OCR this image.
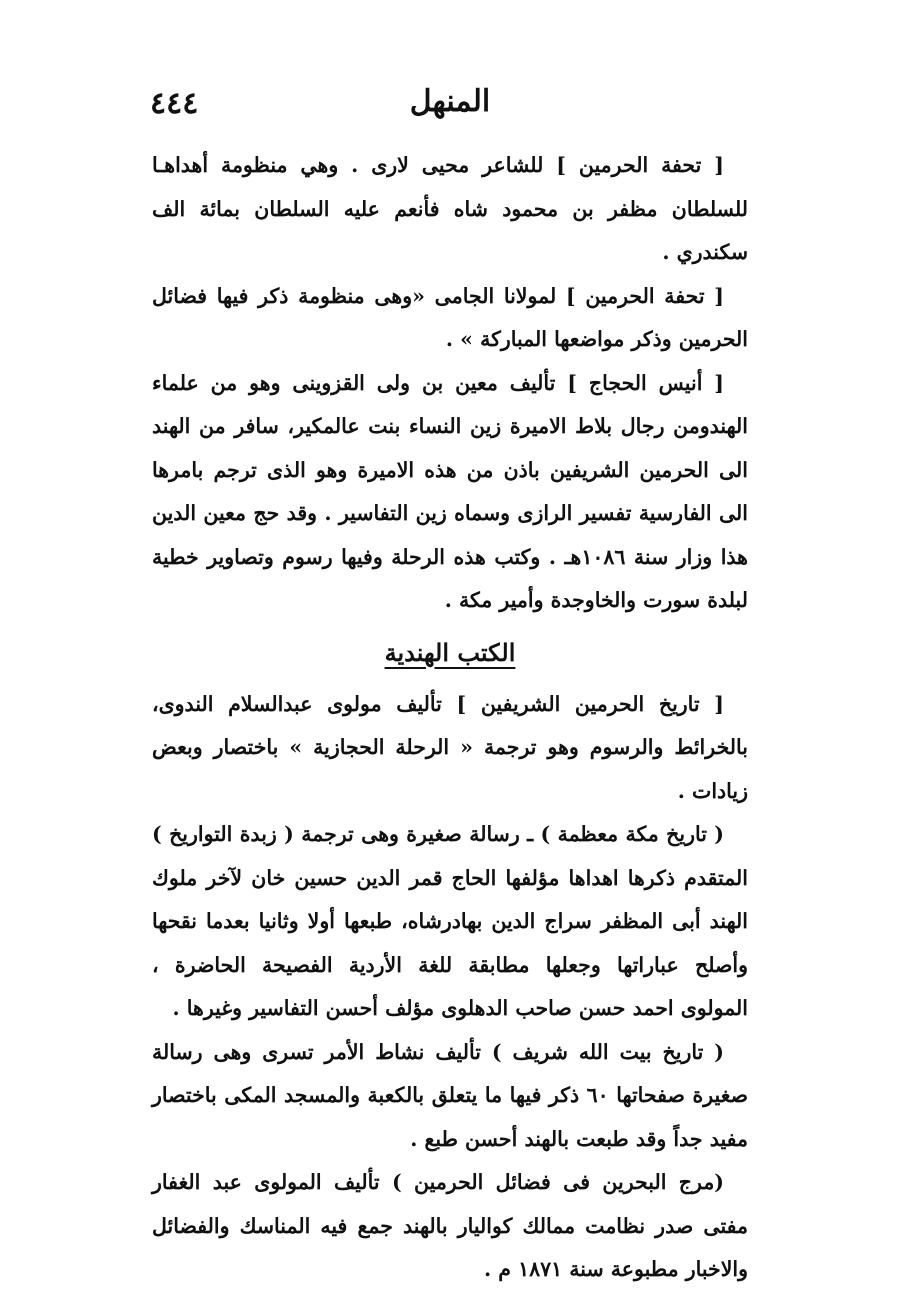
٤٤٤	المنهل

[ تحفة الحرمين ] للشاعر محيى لارى . وهي منظومة أهداهـا للسلطان مظفر بن محمود شاه فأنعم عليه السلطان بمائة الف سكندري .

[ تحفة الحرمين ] لمولانا الجامى «وهى منظومة ذكر فيها فضائل الحرمين وذكر مواضعها المباركة » .

[ أنيس الحجاج ] تأليف معين بن ولى القزوينى وهو من علماء الهندومن رجال بلاط الاميرة زين النساء بنت عالمكير، سافر من الهند الى الحرمين الشريفين باذن من هذه الاميرة وهو الذى ترجم بامرها الى الفارسية تفسير الرازى وسماه زين التفاسير . وقد حج معين الدين هذا وزار سنة ١٠٨٦هـ . وكتب هذه الرحلة وفيها رسوم وتصاوير خطية لبلدة سورت والخاوجدة وأمير مكة .

الكتب الهندية

[ تاريخ الحرمين الشريفين ] تأليف مولوى عبدالسلام الندوى، بالخرائط والرسوم وهو ترجمة « الرحلة الحجازية » باختصار وبعض زيادات .

( تاريخ مكة معظمة ) ـ رسالة صغيرة وهى ترجمة ( زبدة التواريخ ) المتقدم ذكرها اهداها مؤلفها الحاج قمر الدين حسين خان لآخر ملوك الهند أبى المظفر سراج الدين بهادرشاه، طبعها أولا وثانيا بعدما نقحها وأصلح عباراتها وجعلها مطابقة للغة الأردية الفصيحة الحاضرة ، المولوى احمد حسن صاحب الدهلوى مؤلف أحسن التفاسير وغيرها .

( تاريخ بيت الله شريف ) تأليف نشاط الأمر تسرى وهى رسالة صغيرة صفحاتها ٦٠ ذكر فيها ما يتعلق بالكعبة والمسجد المكى باختصار مفيد جداً وقد طبعت بالهند أحسن طبع .

(مرج البحرين فى فضائل الحرمين ) تأليف المولوى عبد الغفار مفتى صدر نظامت ممالك كواليار بالهند جمع فيه المناسك والفضائل والاخبار مطبوعة سنة ١٨٧١ م .
